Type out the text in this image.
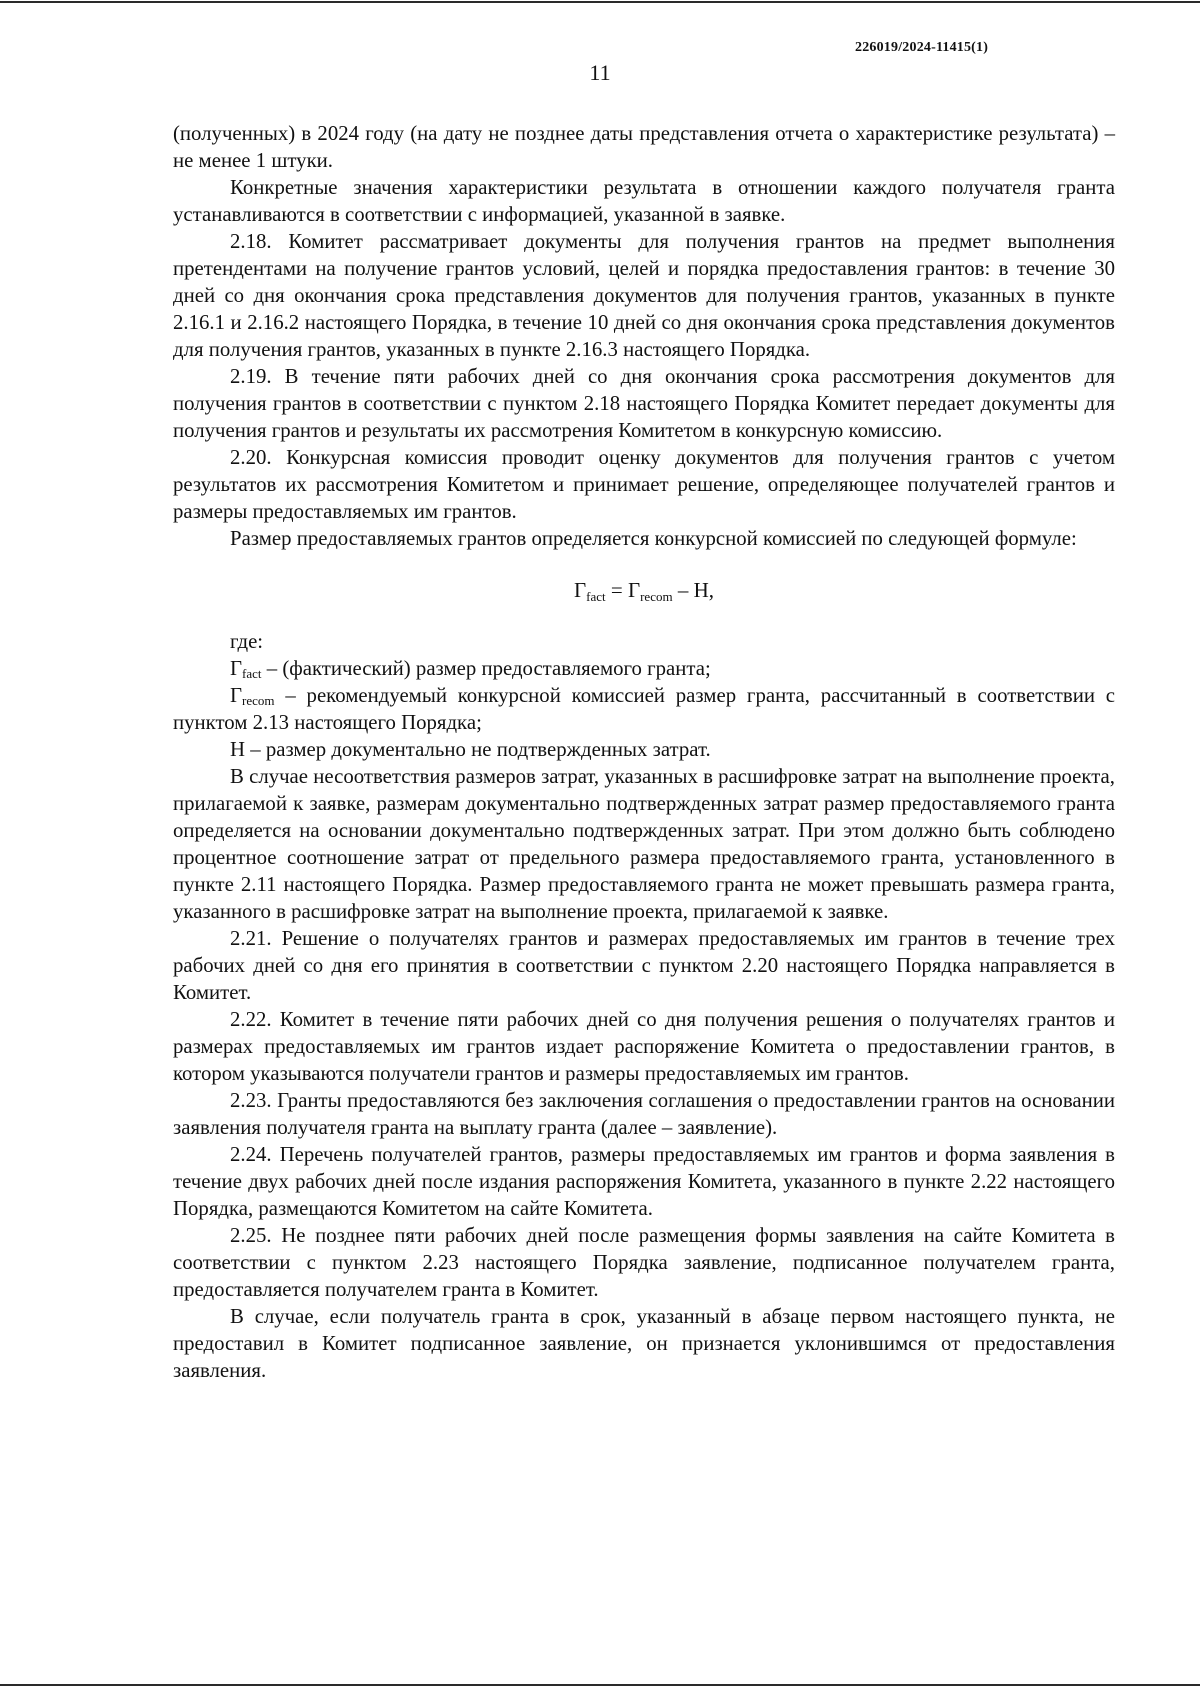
226019/2024-11415(1)
11

(полученных) в 2024 году (на дату не позднее даты представления отчета о характеристике результата) – не менее 1 штуки.

Конкретные значения характеристики результата в отношении каждого получателя гранта устанавливаются в соответствии с информацией, указанной в заявке.

2.18. Комитет рассматривает документы для получения грантов на предмет выполнения претендентами на получение грантов условий, целей и порядка предоставления грантов: в течение 30 дней со дня окончания срока представления документов для получения грантов, указанных в пункте 2.16.1 и 2.16.2 настоящего Порядка, в течение 10 дней со дня окончания срока представления документов для получения грантов, указанных в пункте 2.16.3 настоящего Порядка.

2.19. В течение пяти рабочих дней со дня окончания срока рассмотрения документов для получения грантов в соответствии с пунктом 2.18 настоящего Порядка Комитет передает документы для получения грантов и результаты их рассмотрения Комитетом в конкурсную комиссию.

2.20. Конкурсная комиссия проводит оценку документов для получения грантов с учетом результатов их рассмотрения Комитетом и принимает решение, определяющее получателей грантов и размеры предоставляемых им грантов.

Размер предоставляемых грантов определяется конкурсной комиссией по следующей формуле:

$Г_{fact} = Г_{recom} - Н$,

где:

Гfact – (фактический) размер предоставляемого гранта;

Гrecom – рекомендуемый конкурсной комиссией размер гранта, рассчитанный в соответствии с пунктом 2.13 настоящего Порядка;

Н – размер документально не подтвержденных затрат.

В случае несоответствия размеров затрат, указанных в расшифровке затрат на выполнение проекта, прилагаемой к заявке, размерам документально подтвержденных затрат размер предоставляемого гранта определяется на основании документально подтвержденных затрат. При этом должно быть соблюдено процентное соотношение затрат от предельного размера предоставляемого гранта, установленного в пункте 2.11 настоящего Порядка. Размер предоставляемого гранта не может превышать размера гранта, указанного в расшифровке затрат на выполнение проекта, прилагаемой к заявке.

2.21. Решение о получателях грантов и размерах предоставляемых им грантов в течение трех рабочих дней со дня его принятия в соответствии с пунктом 2.20 настоящего Порядка направляется в Комитет.

2.22. Комитет в течение пяти рабочих дней со дня получения решения о получателях грантов и размерах предоставляемых им грантов издает распоряжение Комитета о предоставлении грантов, в котором указываются получатели грантов и размеры предоставляемых им грантов.

2.23. Гранты предоставляются без заключения соглашения о предоставлении грантов на основании заявления получателя гранта на выплату гранта (далее – заявление).

2.24. Перечень получателей грантов, размеры предоставляемых им грантов и форма заявления в течение двух рабочих дней после издания распоряжения Комитета, указанного в пункте 2.22 настоящего Порядка, размещаются Комитетом на сайте Комитета.

2.25. Не позднее пяти рабочих дней после размещения формы заявления на сайте Комитета в соответствии с пунктом 2.23 настоящего Порядка заявление, подписанное получателем гранта, предоставляется получателем гранта в Комитет.

В случае, если получатель гранта в срок, указанный в абзаце первом настоящего пункта, не предоставил в Комитет подписанное заявление, он признается уклонившимся от предоставления заявления.
